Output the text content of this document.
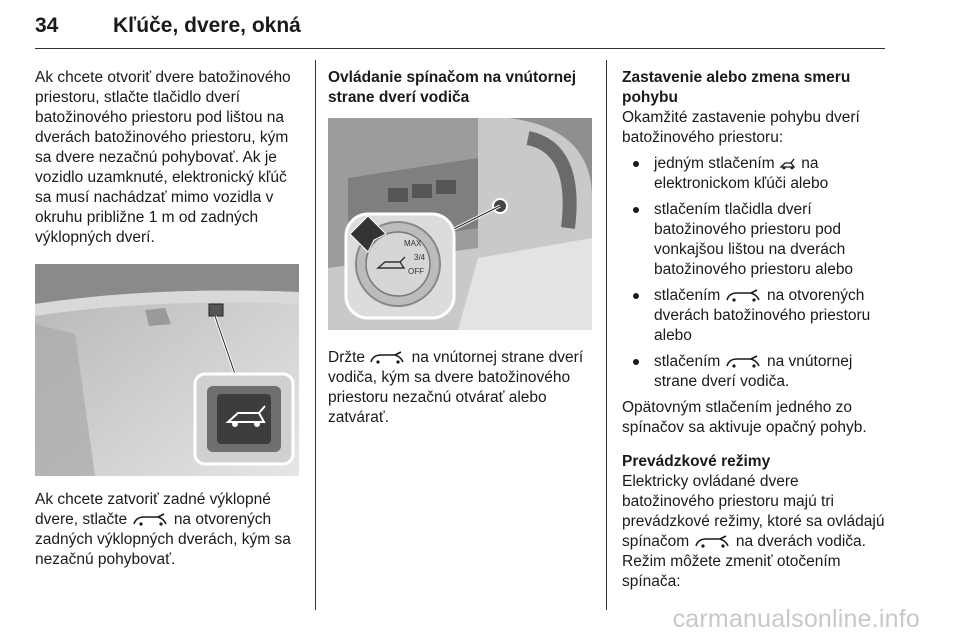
34	Kľúče, dvere, okná

Ak chcete otvoriť dvere batožinového priestoru, stlačte tlačidlo dverí batožinového priestoru pod lištou na dverách batožinového priestoru, kým sa dvere nezačnú pohybovať. Ak je vozidlo uzamknuté, elektronický kľúč sa musí nachádzať mimo vozidla v okruhu približne 1 m od zadných výklopných dverí.

Ak chcete zatvoriť zadné výklopné dvere, stlačte	na otvorených zadných výklopných dverách, kým sa nezačnú pohybovať.

Ovládanie spínačom na vnútornej strane dverí vodiča

MAX
3/4
OFF

Držte	na vnútornej strane dverí vodiča, kým sa dvere batožinového priestoru nezačnú otvárať alebo zatvárať.

Zastavenie alebo zmena smeru pohybu

Okamžité zastavenie pohybu dverí batožinového priestoru:

jedným stlačením na elektronickom kľúči alebo
stlačením tlačidla dverí batožinového priestoru pod vonkajšou lištou na dverách batožinového priestoru alebo
stlačením	na otvorených dverách batožinového priestoru alebo
stlačením	na vnútornej strane dverí vodiča.

Opätovným stlačením jedného zo spínačov sa aktivuje opačný pohyb.

Prevádzkové režimy

Elektricky ovládané dvere batožinového priestoru majú tri prevádzkové režimy, ktoré sa ovládajú spínačom	na dverách vodiča. Režim môžete zmeniť otočením spínača:

carmanualsonline.info
